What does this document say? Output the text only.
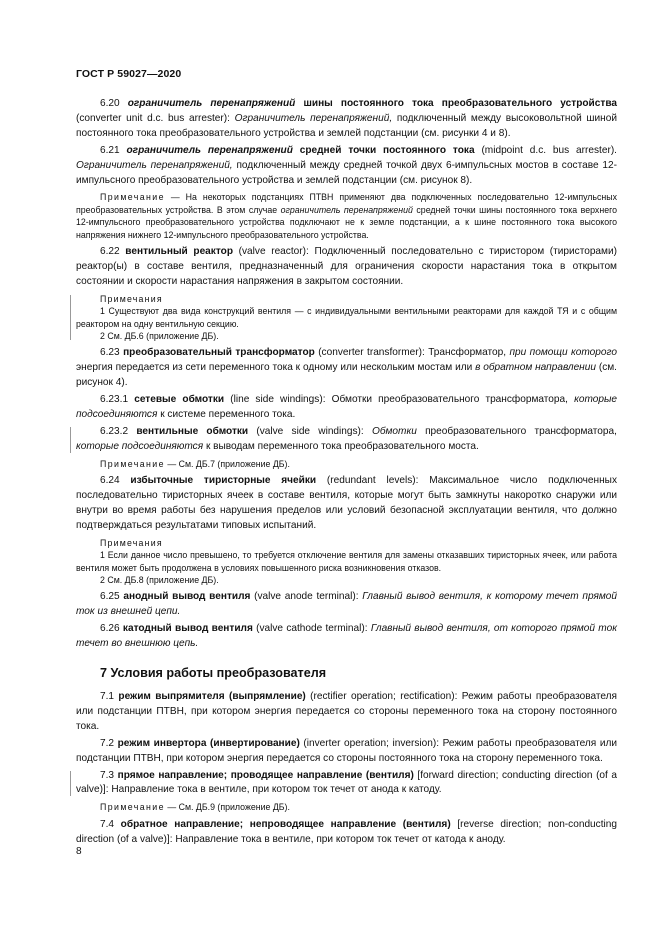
ГОСТ Р 59027—2020

6.20 ограничитель перенапряжений шины постоянного тока преобразовательного устройства (converter unit d.c. bus arrester): Ограничитель перенапряжений, подключенный между высоковольтной шиной постоянного тока преобразовательного устройства и землей подстанции (см. рисунки 4 и 8).

6.21 ограничитель перенапряжений средней точки постоянного тока (midpoint d.c. bus arrester). Ограничитель перенапряжений, подключенный между средней точкой двух 6-импульсных мостов в составе 12-импульсного преобразовательного устройства и землей подстанции (см. рисунок 8).

Примечание — На некоторых подстанциях ПТВН применяют два подключенных последовательно 12-импульсных преобразовательных устройства. В этом случае ограничитель перенапряжений средней точки шины постоянного тока верхнего 12-импульсного преобразовательного устройства подключают не к земле подстанции, а к шине постоянного тока высокого напряжения нижнего 12-импульсного преобразовательного устройства.

6.22 вентильный реактор (valve reactor): Подключенный последовательно с тиристором (тиристорами) реактор(ы) в составе вентиля, предназначенный для ограничения скорости нарастания тока в открытом состоянии и скорости нарастания напряжения в закрытом состоянии.

Примечания

1 Существуют два вида конструкций вентиля — с индивидуальными вентильными реакторами для каждой ТЯ и с общим реактором на одну вентильную секцию.

2 См. ДБ.6 (приложение ДБ).

6.23 преобразовательный трансформатор (converter transformer): Трансформатор, при помощи которого энергия передается из сети переменного тока к одному или нескольким мостам или в обратном направлении (см. рисунок 4).

6.23.1 сетевые обмотки (line side windings): Обмотки преобразовательного трансформатора, которые подсоединяются к системе переменного тока.

6.23.2 вентильные обмотки (valve side windings): Обмотки преобразовательного трансформатора, которые подсоединяются к выводам переменного тока преобразовательного моста.

Примечание — См. ДБ.7 (приложение ДБ).

6.24 избыточные тиристорные ячейки (redundant levels): Максимальное число подключенных последовательно тиристорных ячеек в составе вентиля, которые могут быть замкнуты накоротко снаружи или внутри во время работы без нарушения пределов или условий безопасной эксплуатации вентиля, что должно подтверждаться результатами типовых испытаний.

Примечания

1 Если данное число превышено, то требуется отключение вентиля для замены отказавших тиристорных ячеек, или работа вентиля может быть продолжена в условиях повышенного риска возникновения отказов.

2 См. ДБ.8 (приложение ДБ).

6.25 анодный вывод вентиля (valve anode terminal): Главный вывод вентиля, к которому течет прямой ток из внешней цепи.

6.26 катодный вывод вентиля (valve cathode terminal): Главный вывод вентиля, от которого прямой ток течет во внешнюю цепь.

7 Условия работы преобразователя

7.1 режим выпрямителя (выпрямление) (rectifier operation; rectification): Режим работы преобразователя или подстанции ПТВН, при котором энергия передается со стороны переменного тока на сторону постоянного тока.

7.2 режим инвертора (инвертирование) (inverter operation; inversion): Режим работы преобразователя или подстанции ПТВН, при котором энергия передается со стороны постоянного тока на сторону переменного тока.

7.3 прямое направление; проводящее направление (вентиля) [forward direction; conducting direction (of a valve)]: Направление тока в вентиле, при котором ток течет от анода к катоду.

Примечание — См. ДБ.9 (приложение ДБ).

7.4 обратное направление; непроводящее направление (вентиля) [reverse direction; non-conducting direction (of a valve)]: Направление тока в вентиле, при котором ток течет от катода к аноду.

8
